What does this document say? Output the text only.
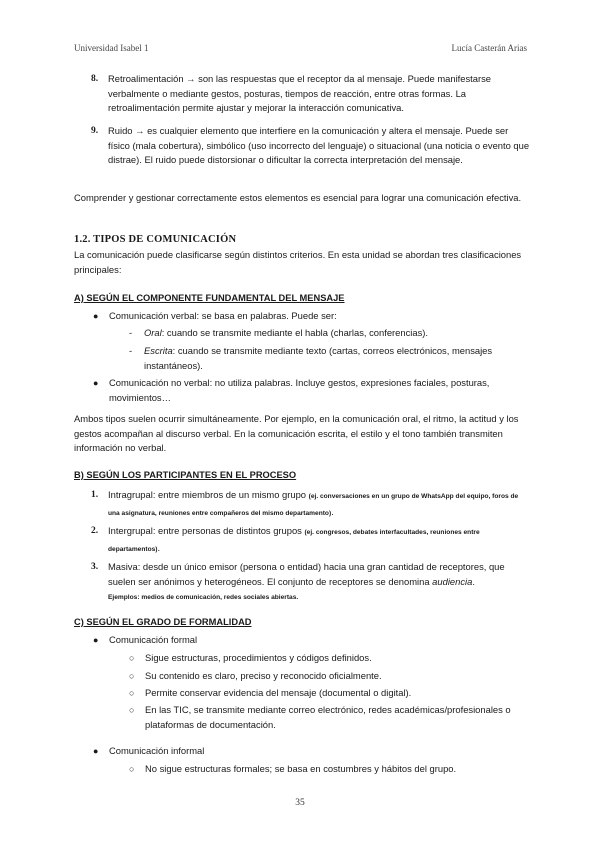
Universidad Isabel 1	Lucía Casterán Arias
8. Retroalimentación → son las respuestas que el receptor da al mensaje. Puede manifestarse verbalmente o mediante gestos, posturas, tiempos de reacción, entre otras formas. La retroalimentación permite ajustar y mejorar la interacción comunicativa.
9. Ruido → es cualquier elemento que interfiere en la comunicación y altera el mensaje. Puede ser físico (mala cobertura), simbólico (uso incorrecto del lenguaje) o situacional (una noticia o evento que distrae). El ruido puede distorsionar o dificultar la correcta interpretación del mensaje.
Comprender y gestionar correctamente estos elementos es esencial para lograr una comunicación efectiva.
1.2. TIPOS DE COMUNICACIÓN
La comunicación puede clasificarse según distintos criterios. En esta unidad se abordan tres clasificaciones principales:
A) SEGÚN EL COMPONENTE FUNDAMENTAL DEL MENSAJE
● Comunicación verbal: se basa en palabras. Puede ser:
- Oral: cuando se transmite mediante el habla (charlas, conferencias).
- Escrita: cuando se transmite mediante texto (cartas, correos electrónicos, mensajes instantáneos).
● Comunicación no verbal: no utiliza palabras. Incluye gestos, expresiones faciales, posturas, movimientos…
Ambos tipos suelen ocurrir simultáneamente. Por ejemplo, en la comunicación oral, el ritmo, la actitud y los gestos acompañan al discurso verbal. En la comunicación escrita, el estilo y el tono también transmiten información no verbal.
B) SEGÚN LOS PARTICIPANTES EN EL PROCESO
1. Intragrupal: entre miembros de un mismo grupo (ej. conversaciones en un grupo de WhatsApp del equipo, foros de una asignatura, reuniones entre compañeros del mismo departamento).
2. Intergrupal: entre personas de distintos grupos (ej. congresos, debates interfacultades, reuniones entre departamentos).
3. Masiva: desde un único emisor (persona o entidad) hacia una gran cantidad de receptores, que suelen ser anónimos y heterogéneos. El conjunto de receptores se denomina audiencia.
Ejemplos: medios de comunicación, redes sociales abiertas.
C) SEGÚN EL GRADO DE FORMALIDAD
● Comunicación formal
○ Sigue estructuras, procedimientos y códigos definidos.
○ Su contenido es claro, preciso y reconocido oficialmente.
○ Permite conservar evidencia del mensaje (documental o digital).
○ En las TIC, se transmite mediante correo electrónico, redes académicas/profesionales o plataformas de documentación.
● Comunicación informal
○ No sigue estructuras formales; se basa en costumbres y hábitos del grupo.
35
